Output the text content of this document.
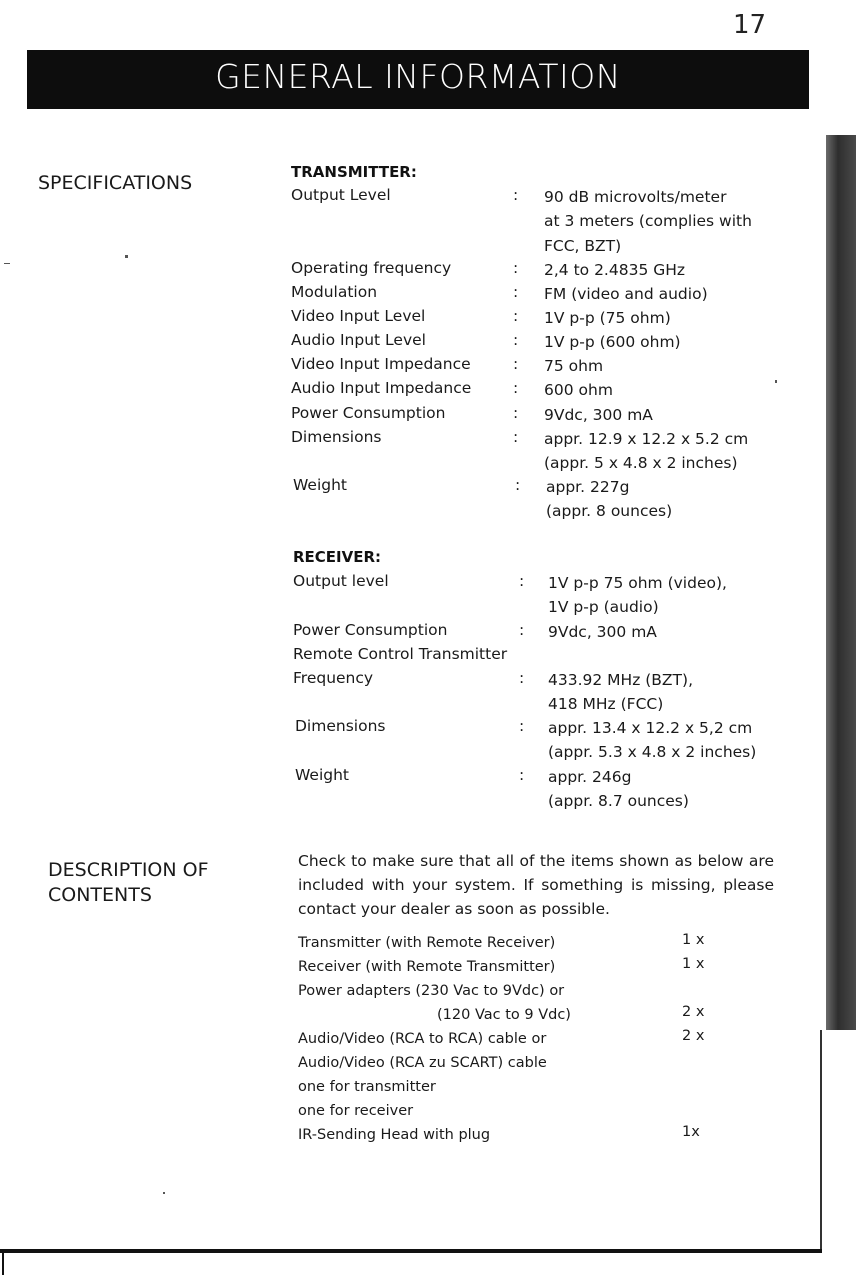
17
GENERAL INFORMATION
SPECIFICATIONS	TRANSMITTER:
Output Level	: 90 dB microvolts/meter
at 3 meters (complies with
FCC, BZT)
Operating frequency	: 2,4 to 2.4835 GHz
Modulation	: FM (video and audio)
Video Input Level	: 1V p-p (75 ohm)
Audio Input Level	: 1V p-p (600 ohm)
Video Input Impedance	: 75 ohm
Audio Input Impedance	: 600 ohm
Power Consumption	: 9Vdc, 300 mA
Dimensions	: appr. 12.9 x 12.2 x 5.2 cm
(appr. 5 x 4.8 x 2 inches)
Weight	: appr. 227g
(appr. 8 ounces)
RECEIVER:
Output level	: 1V p-p 75 ohm (video),
1V p-p (audio)
Power Consumption	: 9Vdc, 300 mA
Remote Control Transmitter
Frequency	: 433.92 MHz (BZT),
418 MHz (FCC)
Dimensions	: appr. 13.4 x 12.2 x 5,2 cm
(appr. 5.3 x 4.8 x 2 inches)
Weight	: appr. 246g
(appr. 8.7 ounces)
DESCRIPTION OF
CONTENTS
Check to make sure that all of the items shown as below are included with your system. If something is missing, please contact your dealer as soon as possible.
Transmitter (with Remote Receiver)	1 x
Receiver (with Remote Transmitter)	1 x
Power adapters (230 Vac to 9Vdc) or
(120 Vac to 9 Vdc)	2 x
Audio/Video (RCA to RCA) cable or	2 x
Audio/Video (RCA zu SCART) cable
one for transmitter
one for receiver
IR-Sending Head with plug	1x
